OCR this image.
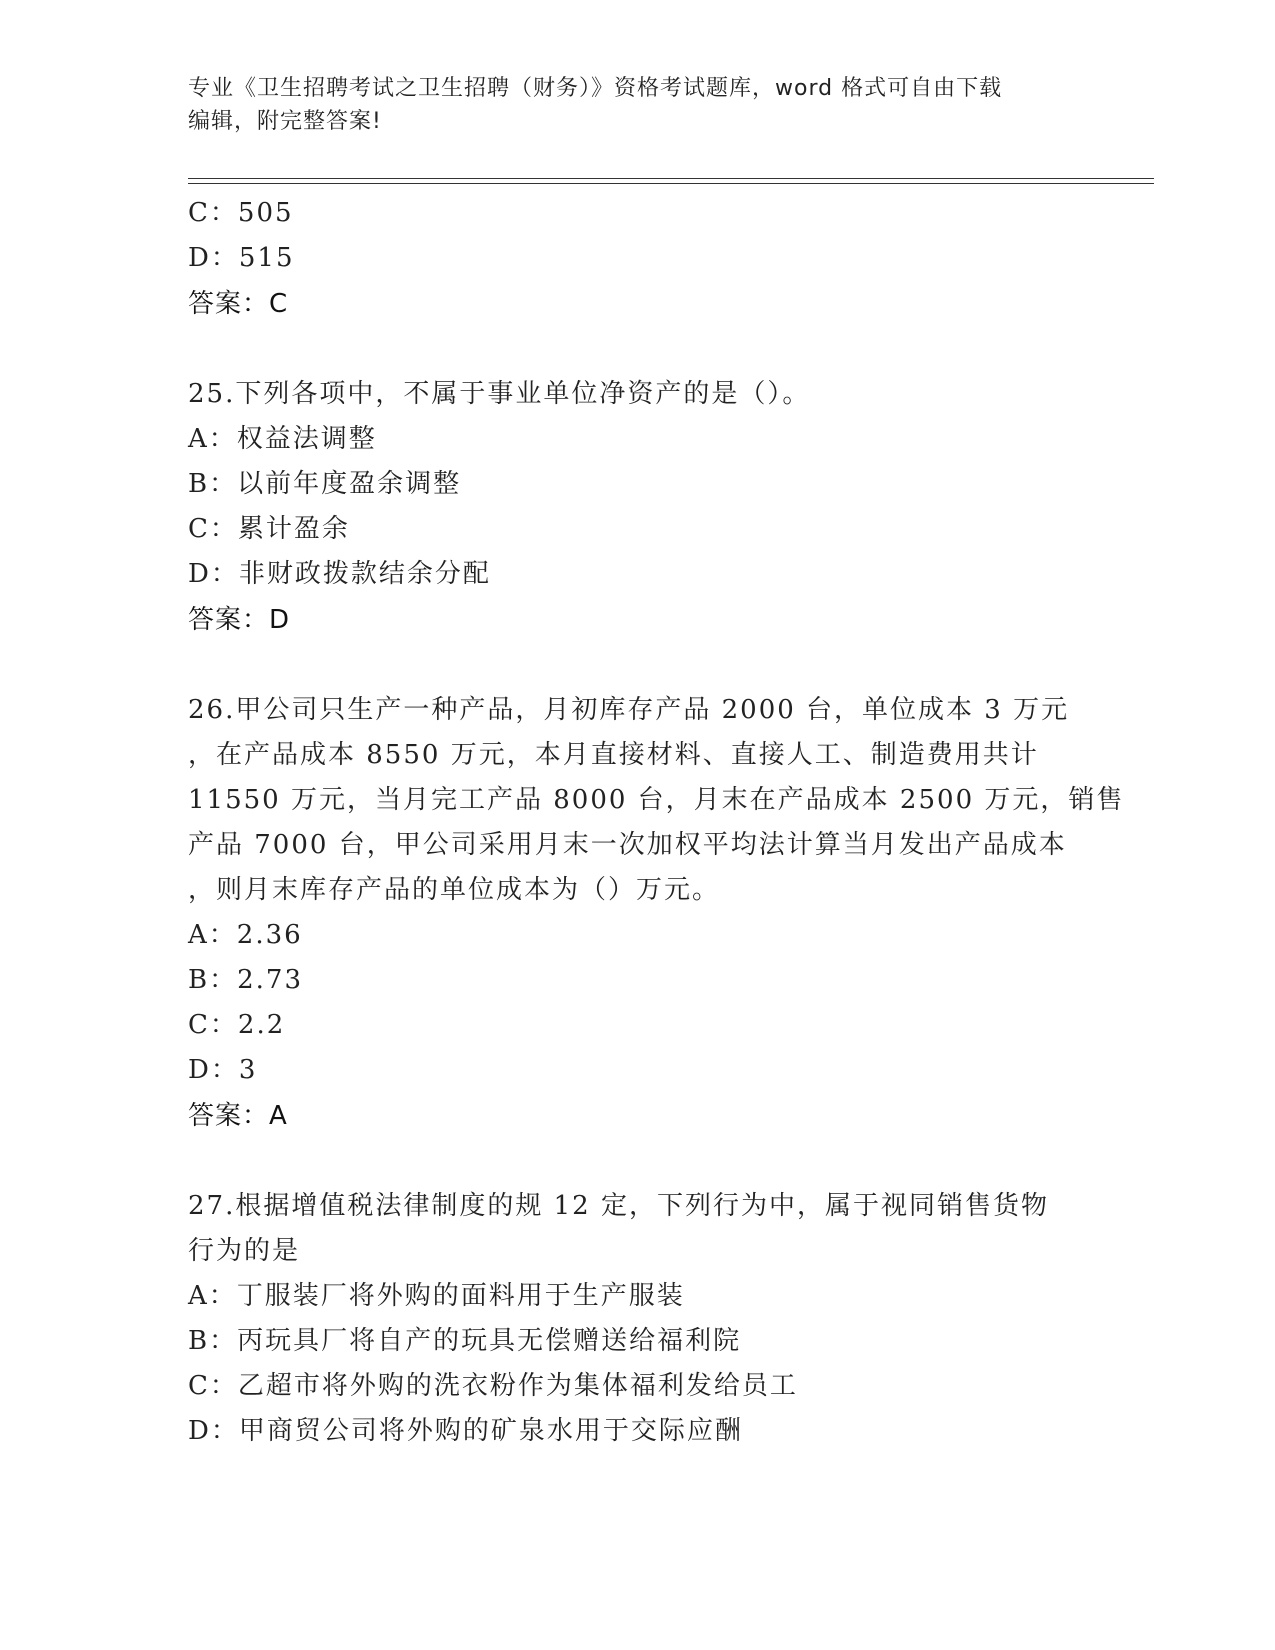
专业《卫生招聘考试之卫生招聘（财务）》资格考试题库，word 格式可自由下载
编辑，附完整答案!
C：505
D：515
答案：C
25.下列各项中，不属于事业单位净资产的是（）。
A：权益法调整
B：以前年度盈余调整
C：累计盈余
D：非财政拨款结余分配
答案：D
26.甲公司只生产一种产品，月初库存产品 2000 台，单位成本 3 万元
，在产品成本 8550 万元，本月直接材料、直接人工、制造费用共计
11550 万元，当月完工产品 8000 台，月末在产品成本 2500 万元，销售
产品 7000 台，甲公司采用月末一次加权平均法计算当月发出产品成本
，则月末库存产品的单位成本为（）万元。
A：2.36
B：2.73
C：2.2
D：3
答案：A
27.根据增值税法律制度的规 12 定，下列行为中，属于视同销售货物
行为的是
A：丁服装厂将外购的面料用于生产服装
B：丙玩具厂将自产的玩具无偿赠送给福利院
C：乙超市将外购的洗衣粉作为集体福利发给员工
D：甲商贸公司将外购的矿泉水用于交际应酬
